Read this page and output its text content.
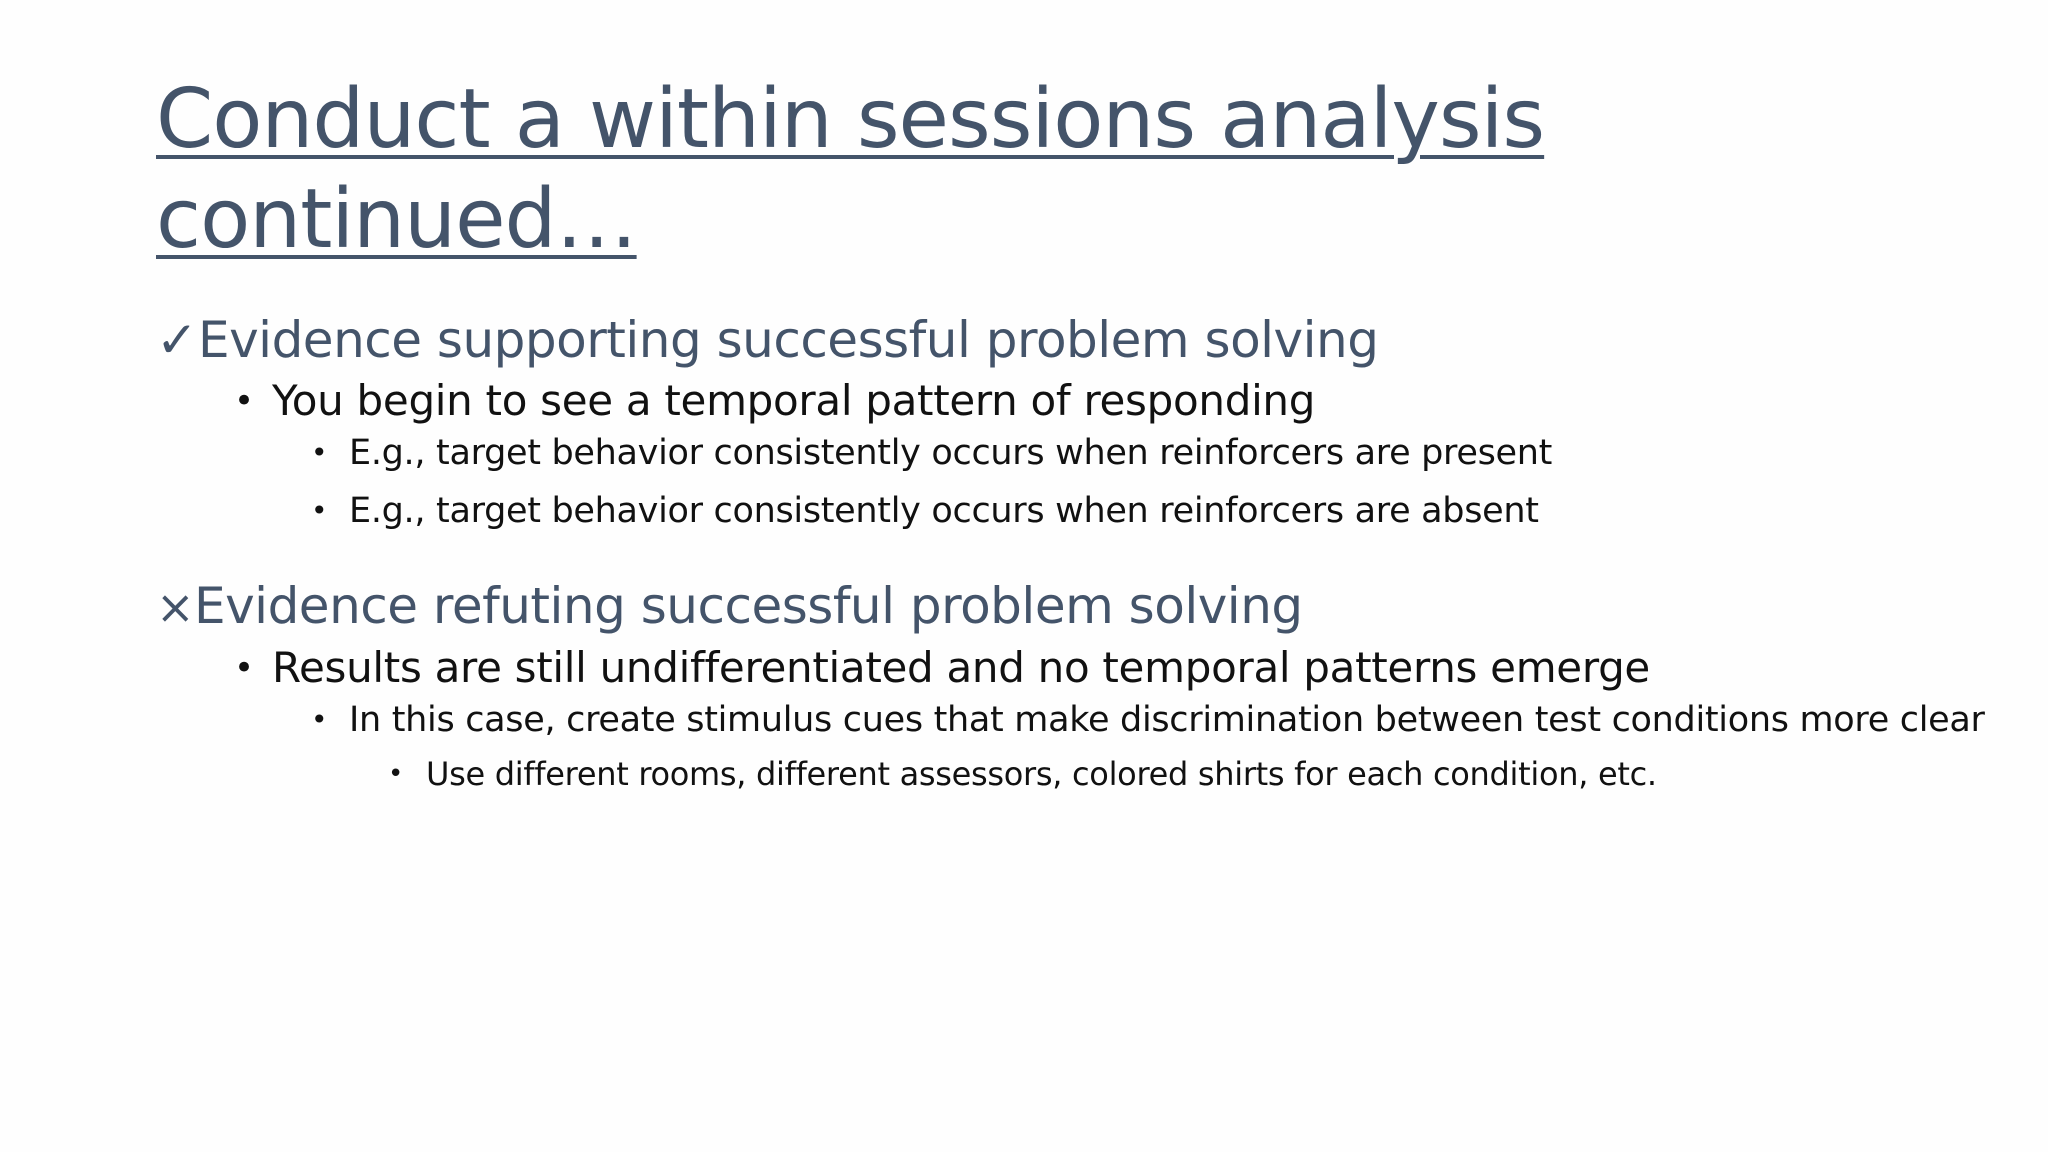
Conduct a within sessions analysis
continued…
✓ Evidence supporting successful problem solving
• You begin to see a temporal pattern of responding
• E.g., target behavior consistently occurs when reinforcers are present
• E.g., target behavior consistently occurs when reinforcers are absent
× Evidence refuting successful problem solving
• Results are still undifferentiated and no temporal patterns emerge
• In this case, create stimulus cues that make discrimination between test conditions more clear
• Use different rooms, different assessors, colored shirts for each condition, etc.
